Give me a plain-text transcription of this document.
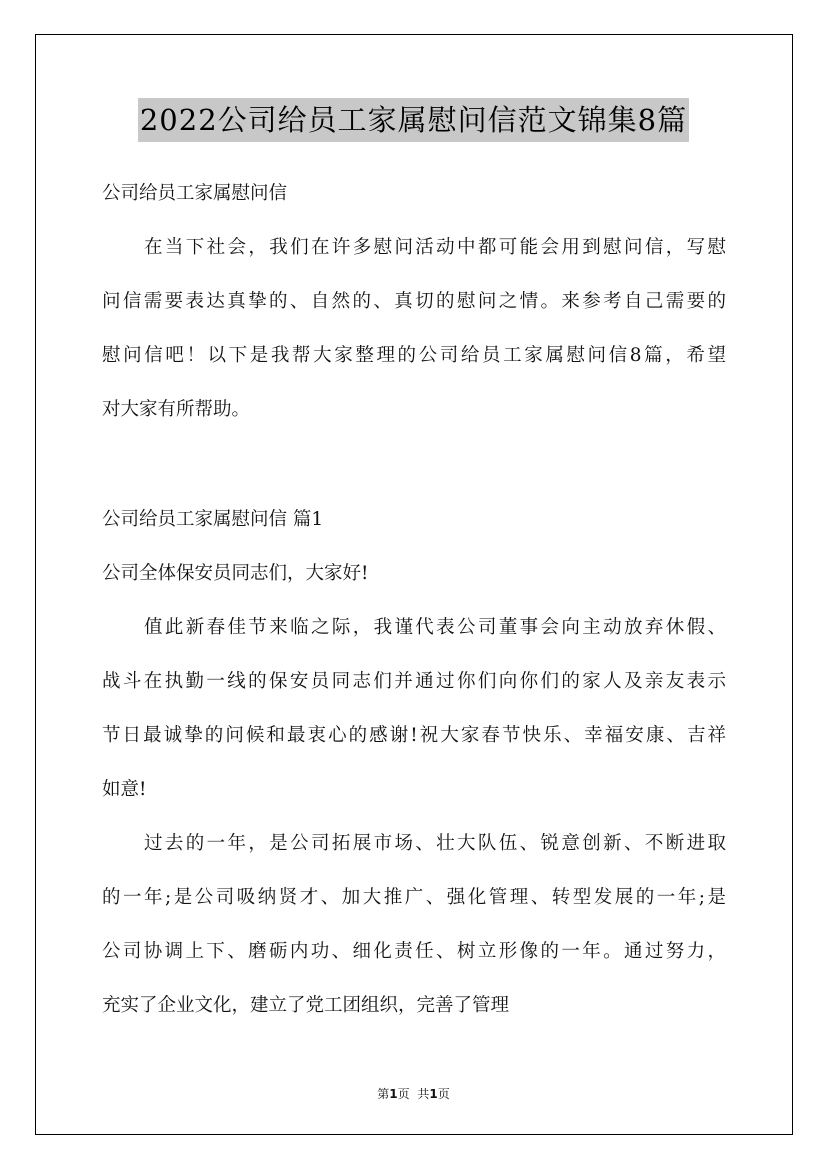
2022公司给员工家属慰问信范文锦集8篇
公司给员工家属慰问信
在当下社会，我们在许多慰问活动中都可能会用到慰问信，写慰
问信需要表达真挚的、自然的、真切的慰问之情。来参考自己需要的
慰问信吧！以下是我帮大家整理的公司给员工家属慰问信8篇，希望
对大家有所帮助。
公司给员工家属慰问信 篇1
公司全体保安员同志们，大家好!
值此新春佳节来临之际，我谨代表公司董事会向主动放弃休假、
战斗在执勤一线的保安员同志们并通过你们向你们的家人及亲友表示
节日最诚挚的问候和最衷心的感谢!祝大家春节快乐、幸福安康、吉祥
如意!
过去的一年，是公司拓展市场、壮大队伍、锐意创新、不断进取
的一年;是公司吸纳贤才、加大推广、强化管理、转型发展的一年;是
公司协调上下、磨砺内功、细化责任、树立形像的一年。通过努力，
充实了企业文化，建立了党工团组织，完善了管理
第1页 共1页
